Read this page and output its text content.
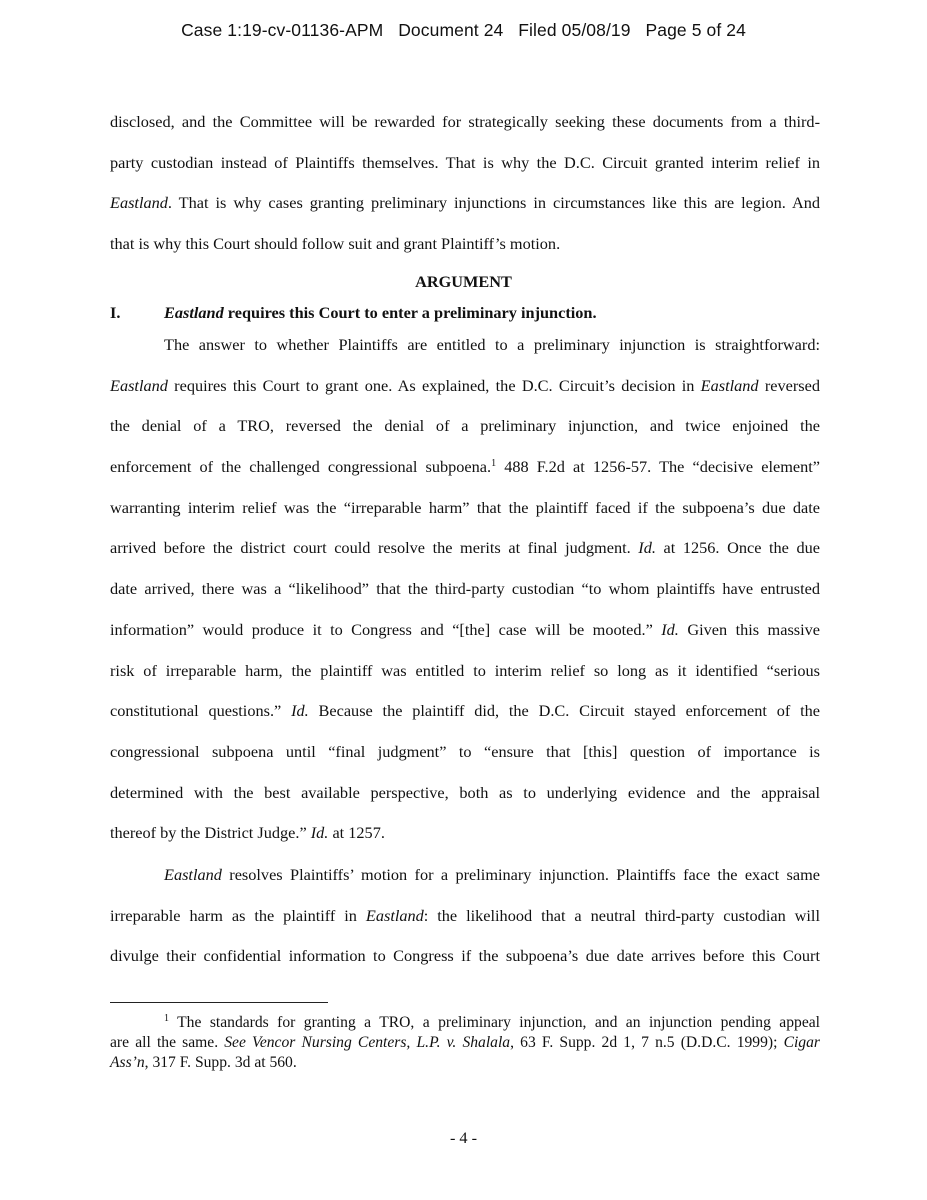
Case 1:19-cv-01136-APM   Document 24   Filed 05/08/19   Page 5 of 24
disclosed, and the Committee will be rewarded for strategically seeking these documents from a third-
party custodian instead of Plaintiffs themselves. That is why the D.C. Circuit granted interim relief in
Eastland. That is why cases granting preliminary injunctions in circumstances like this are legion. And
that is why this Court should follow suit and grant Plaintiff’s motion.
ARGUMENT
I.	Eastland requires this Court to enter a preliminary injunction.
The answer to whether Plaintiffs are entitled to a preliminary injunction is straightforward:
Eastland requires this Court to grant one. As explained, the D.C. Circuit’s decision in Eastland reversed
the denial of a TRO, reversed the denial of a preliminary injunction, and twice enjoined the
enforcement of the challenged congressional subpoena.$^1$ 488 F.2d at 1256-57. The “decisive element”
warranting interim relief was the “irreparable harm” that the plaintiff faced if the subpoena’s due date
arrived before the district court could resolve the merits at final judgment. Id. at 1256. Once the due
date arrived, there was a “likelihood” that the third-party custodian “to whom plaintiffs have entrusted
information” would produce it to Congress and “[the] case will be mooted.” Id. Given this massive
risk of irreparable harm, the plaintiff was entitled to interim relief so long as it identified “serious
constitutional questions.” Id. Because the plaintiff did, the D.C. Circuit stayed enforcement of the
congressional subpoena until “final judgment” to “ensure that [this] question of importance is
determined with the best available perspective, both as to underlying evidence and the appraisal
thereof by the District Judge.” Id. at 1257.
Eastland resolves Plaintiffs’ motion for a preliminary injunction. Plaintiffs face the exact same
irreparable harm as the plaintiff in Eastland: the likelihood that a neutral third-party custodian will
divulge their confidential information to Congress if the subpoena’s due date arrives before this Court
$^1$ The standards for granting a TRO, a preliminary injunction, and an injunction pending appeal
are all the same. See Vencor Nursing Centers, L.P. v. Shalala, 63 F. Supp. 2d 1, 7 n.5 (D.D.C. 1999); Cigar
Ass’n, 317 F. Supp. 3d at 560.
- 4 -
